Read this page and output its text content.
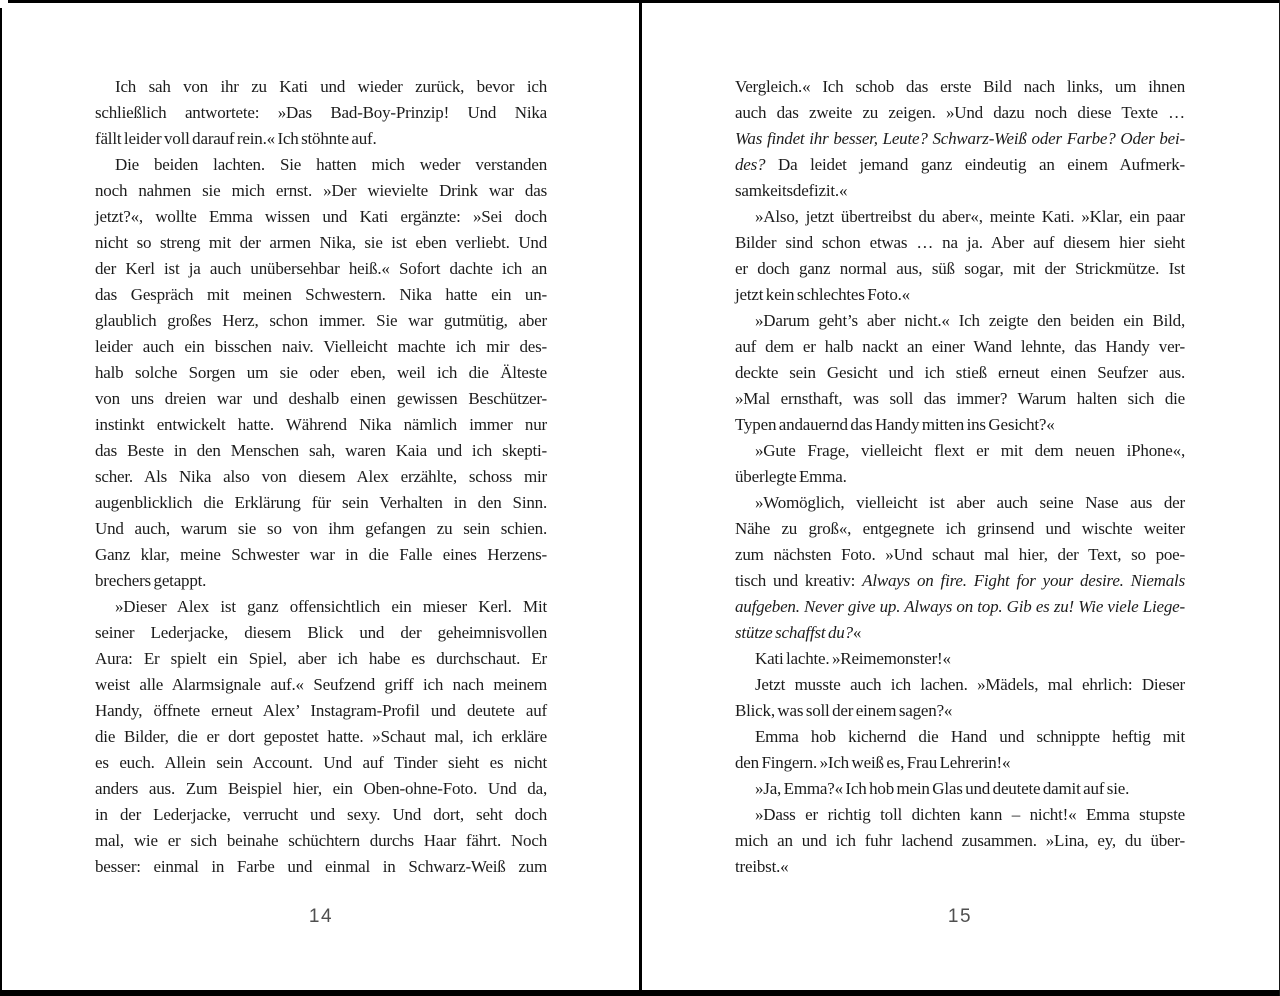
Ich sah von ihr zu Kati und wieder zurück, bevor ich
schließlich antwortete: »Das Bad-Boy-Prinzip! Und Nika
fällt leider voll darauf rein.« Ich stöhnte auf.
Die beiden lachten. Sie hatten mich weder verstanden
noch nahmen sie mich ernst. »Der wievielte Drink war das
jetzt?«, wollte Emma wissen und Kati ergänzte: »Sei doch
nicht so streng mit der armen Nika, sie ist eben verliebt. Und
der Kerl ist ja auch unübersehbar heiß.« Sofort dachte ich an
das Gespräch mit meinen Schwestern. Nika hatte ein un-
glaublich großes Herz, schon immer. Sie war gutmütig, aber
leider auch ein bisschen naiv. Vielleicht machte ich mir des-
halb solche Sorgen um sie oder eben, weil ich die Älteste
von uns dreien war und deshalb einen gewissen Beschützer-
instinkt entwickelt hatte. Während Nika nämlich immer nur
das Beste in den Menschen sah, waren Kaia und ich skepti-
scher. Als Nika also von diesem Alex erzählte, schoss mir
augenblicklich die Erklärung für sein Verhalten in den Sinn.
Und auch, warum sie so von ihm gefangen zu sein schien.
Ganz klar, meine Schwester war in die Falle eines Herzens-
brechers getappt.
»Dieser Alex ist ganz offensichtlich ein mieser Kerl. Mit
seiner Lederjacke, diesem Blick und der geheimnisvollen
Aura: Er spielt ein Spiel, aber ich habe es durchschaut. Er
weist alle Alarmsignale auf.« Seufzend griff ich nach meinem
Handy, öffnete erneut Alex’ Instagram-Profil und deutete auf
die Bilder, die er dort gepostet hatte. »Schaut mal, ich erkläre
es euch. Allein sein Account. Und auf Tinder sieht es nicht
anders aus. Zum Beispiel hier, ein Oben-ohne-Foto. Und da,
in der Lederjacke, verrucht und sexy. Und dort, seht doch
mal, wie er sich beinahe schüchtern durchs Haar fährt. Noch
besser: einmal in Farbe und einmal in Schwarz-Weiß zum
Vergleich.« Ich schob das erste Bild nach links, um ihnen
auch das zweite zu zeigen. »Und dazu noch diese Texte …
Was findet ihr besser, Leute? Schwarz-Weiß oder Farbe? Oder bei-
des? Da leidet jemand ganz eindeutig an einem Aufmerk-
samkeitsdefizit.«
»Also, jetzt übertreibst du aber«, meinte Kati. »Klar, ein paar
Bilder sind schon etwas … na ja. Aber auf diesem hier sieht
er doch ganz normal aus, süß sogar, mit der Strickmütze. Ist
jetzt kein schlechtes Foto.«
»Darum geht’s aber nicht.« Ich zeigte den beiden ein Bild,
auf dem er halb nackt an einer Wand lehnte, das Handy ver-
deckte sein Gesicht und ich stieß erneut einen Seufzer aus.
»Mal ernsthaft, was soll das immer? Warum halten sich die
Typen andauernd das Handy mitten ins Gesicht?«
»Gute Frage, vielleicht flext er mit dem neuen iPhone«,
überlegte Emma.
»Womöglich, vielleicht ist aber auch seine Nase aus der
Nähe zu groß«, entgegnete ich grinsend und wischte weiter
zum nächsten Foto. »Und schaut mal hier, der Text, so poe-
tisch und kreativ: Always on fire. Fight for your desire. Niemals
aufgeben. Never give up. Always on top. Gib es zu! Wie viele Liege-
stütze schaffst du?«
Kati lachte. »Reimemonster!«
Jetzt musste auch ich lachen. »Mädels, mal ehrlich: Dieser
Blick, was soll der einem sagen?«
Emma hob kichernd die Hand und schnippte heftig mit
den Fingern. »Ich weiß es, Frau Lehrerin!«
»Ja, Emma?« Ich hob mein Glas und deutete damit auf sie.
»Dass er richtig toll dichten kann – nicht!« Emma stupste
mich an und ich fuhr lachend zusammen. »Lina, ey, du über-
treibst.«
14	15
